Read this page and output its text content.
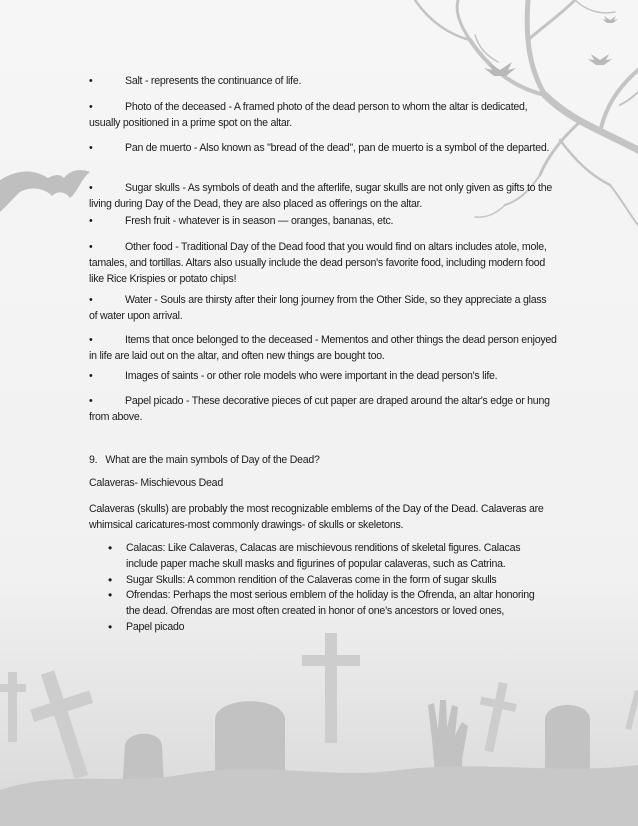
•	Salt - represents the continuance of life.

•	Photo of the deceased - A framed photo of the dead person to whom the altar is dedicated, usually positioned in a prime spot on the altar.

•	Pan de muerto - Also known as "bread of the dead", pan de muerto is a symbol of the departed.

•	Sugar skulls - As symbols of death and the afterlife, sugar skulls are not only given as gifts to the living during Day of the Dead, they are also placed as offerings on the altar.

•	Fresh fruit - whatever is in season — oranges, bananas, etc.

•	Other food - Traditional Day of the Dead food that you would find on altars includes atole, mole, tamales, and tortillas. Altars also usually include the dead person's favorite food, including modern food like Rice Krispies or potato chips!

•	Water - Souls are thirsty after their long journey from the Other Side, so they appreciate a glass of water upon arrival.

•	Items that once belonged to the deceased - Mementos and other things the dead person enjoyed in life are laid out on the altar, and often new things are bought too.

•	Images of saints - or other role models who were important in the dead person's life.

•	Papel picado - These decorative pieces of cut paper are draped around the altar's edge or hung from above.

9.   What are the main symbols of Day of the Dead?

Calaveras- Mischievous Dead

Calaveras (skulls) are probably the most recognizable emblems of the Day of the Dead. Calaveras are whimsical caricatures-most commonly drawings- of skulls or skeletons.

• Calacas: Like Calaveras, Calacas are mischievous renditions of skeletal figures. Calacas include paper mache skull masks and figurines of popular calaveras, such as Catrina.
• Sugar Skulls: A common rendition of the Calaveras come in the form of sugar skulls
• Ofrendas: Perhaps the most serious emblem of the holiday is the Ofrenda, an altar honoring the dead. Ofrendas are most often created in honor of one’s ancestors or loved ones,
• Papel picado
